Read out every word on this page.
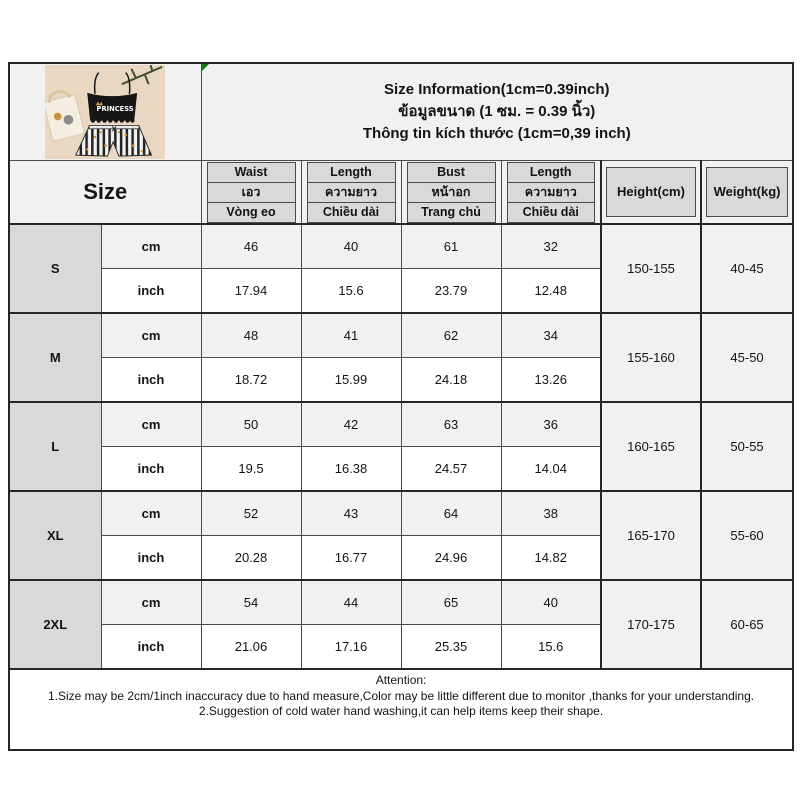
PRINCESS		Size Information(1cm=0.39inch)
ข้อมูลขนาด (1 ซม. = 0.39 นิ้ว)
Thông tin kích thước (1cm=0,39 inch)					

Size	
Waist
เอว
Vòng eo

Length
ความยาว
Chiều dài

Bust
หน้าอก
Trang chủ

Length
ความยาว
Chiều dài

Height(cm)	Weight(kg)

S	cm	46	40	61	32	150-155	40-45
	inch	17.94	15.6	23.79	12.48		
M	cm	48	41	62	34	155-160	45-50
	inch	18.72	15.99	24.18	13.26		
L	cm	50	42	63	36	160-165	50-55
	inch	19.5	16.38	24.57	14.04		
XL	cm	52	43	64	38	165-170	55-60
	inch	20.28	16.77	24.96	14.82		
2XL	cm	54	44	65	40	170-175	60-65
	inch	21.06	17.16	25.35	15.6		

Attention:
1.Size may be 2cm/1inch inaccuracy due to hand measure,Color may be little different due to monitor ,thanks for your understanding.
2.Suggestion of cold water hand washing,it can help items keep their shape.							
